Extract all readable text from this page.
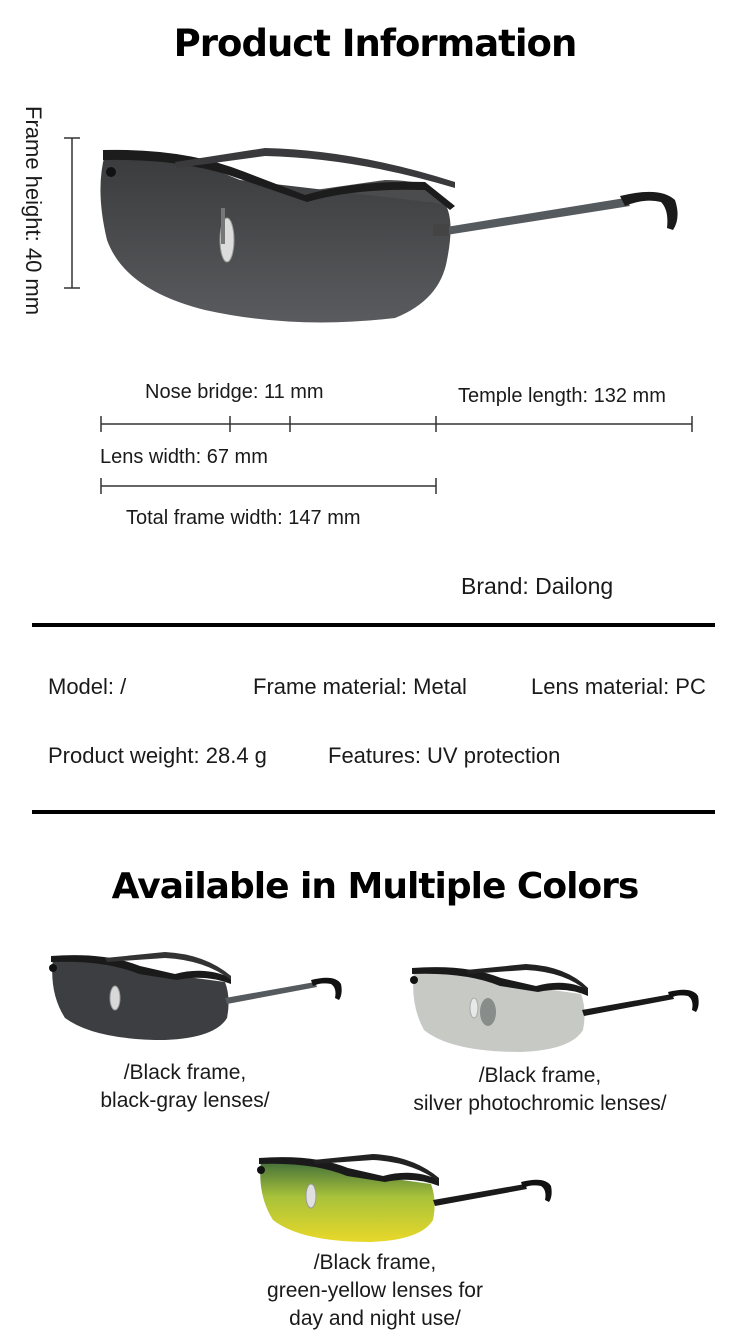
Product Information
Frame height: 40 mm
Nose bridge: 11 mm	Temple length: 132 mm
Lens width: 67 mm
Total frame width: 147 mm
Brand: Dailong
Model: /	Frame material: Metal	Lens material: PC
Product weight: 28.4 g	Features: UV protection
Available in Multiple Colors
/Black frame,
black-gray lenses/
/Black frame,
silver photochromic lenses/
/Black frame,
green-yellow lenses for
day and night use/
